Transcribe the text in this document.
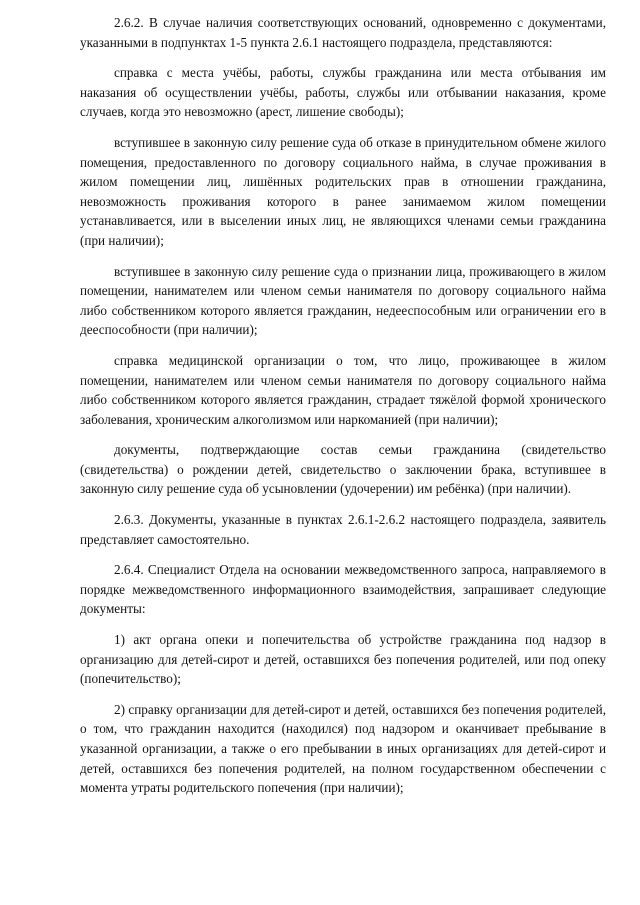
2.6.2. В случае наличия соответствующих оснований, одновременно с документами, указанными в подпунктах 1-5 пункта 2.6.1 настоящего подраздела, представляются:

справка с места учёбы, работы, службы гражданина или места отбывания им наказания об осуществлении учёбы, работы, службы или отбывании наказания, кроме случаев, когда это невозможно (арест, лишение свободы);

вступившее в законную силу решение суда об отказе в принудительном обмене жилого помещения, предоставленного по договору социального найма, в случае проживания в жилом помещении лиц, лишённых родительских прав в отношении гражданина, невозможность проживания которого в ранее занимаемом жилом помещении устанавливается, или в выселении иных лиц, не являющихся членами семьи гражданина (при наличии);

вступившее в законную силу решение суда о признании лица, проживающего в жилом помещении, нанимателем или членом семьи нанимателя по договору социального найма либо собственником которого является гражданин, недееспособным или ограничении его в дееспособности (при наличии);

справка медицинской организации о том, что лицо, проживающее в жилом помещении, нанимателем или членом семьи нанимателя по договору социального найма либо собственником которого является гражданин, страдает тяжёлой формой хронического заболевания, хроническим алкоголизмом или наркоманией (при наличии);

документы, подтверждающие состав семьи гражданина (свидетельство (свидетельства) о рождении детей, свидетельство о заключении брака, вступившее в законную силу решение суда об усыновлении (удочерении) им ребёнка) (при наличии).

2.6.3. Документы, указанные в пунктах 2.6.1-2.6.2 настоящего подраздела, заявитель представляет самостоятельно.

2.6.4. Специалист Отдела на основании межведомственного запроса, направляемого в порядке межведомственного информационного взаимодействия, запрашивает следующие документы:

1) акт органа опеки и попечительства об устройстве гражданина под надзор в организацию для детей-сирот и детей, оставшихся без попечения родителей, или под опеку (попечительство);

2) справку организации для детей-сирот и детей, оставшихся без попечения родителей, о том, что гражданин находится (находился) под надзором и оканчивает пребывание в указанной организации, а также о его пребывании в иных организациях для детей-сирот и детей, оставшихся без попечения родителей, на полном государственном обеспечении с момента утраты родительского попечения (при наличии);
